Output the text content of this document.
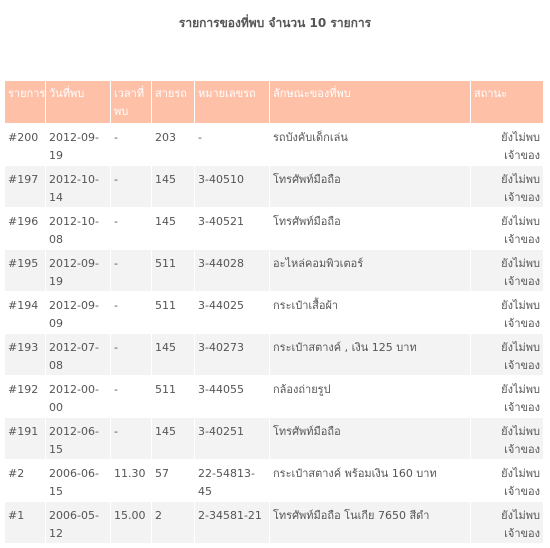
รายการของที่พบ จำนวน 10 รายการ
รายการ	วันที่พบ	เวลาที่พบ	สายรถ	หมายเลขรถ	ลักษณะของที่พบ	สถานะ
#200	2012-09-19	-	203	-	รถบังคับเด็กเล่น	ยังไม่พบเจ้าของ
#197	2012-10-14	-	145	3-40510	โทรศัพท์มือถือ	ยังไม่พบเจ้าของ
#196	2012-10-08	-	145	3-40521	โทรศัพท์มือถือ	ยังไม่พบเจ้าของ
#195	2012-09-19	-	511	3-44028	อะไหล่คอมพิวเตอร์	ยังไม่พบเจ้าของ
#194	2012-09-09	-	511	3-44025	กระเป๋าเสื้อผ้า	ยังไม่พบเจ้าของ
#193	2012-07-08	-	145	3-40273	กระเป๋าสตางค์ , เงิน 125 บาท	ยังไม่พบเจ้าของ
#192	2012-00-00	-	511	3-44055	กล้องถ่ายรูป	ยังไม่พบเจ้าของ
#191	2012-06-15	-	145	3-40251	โทรศัพท์มือถือ	ยังไม่พบเจ้าของ
#2	2006-06-15	11.30	57	22-54813-45	กระเป๋าสตางค์ พร้อมเงิน 160 บาท	ยังไม่พบเจ้าของ
#1	2006-05-12	15.00	2	2-34581-21	โทรศัพท์มือถือ โนเกีย 7650 สีดำ	ยังไม่พบเจ้าของ
